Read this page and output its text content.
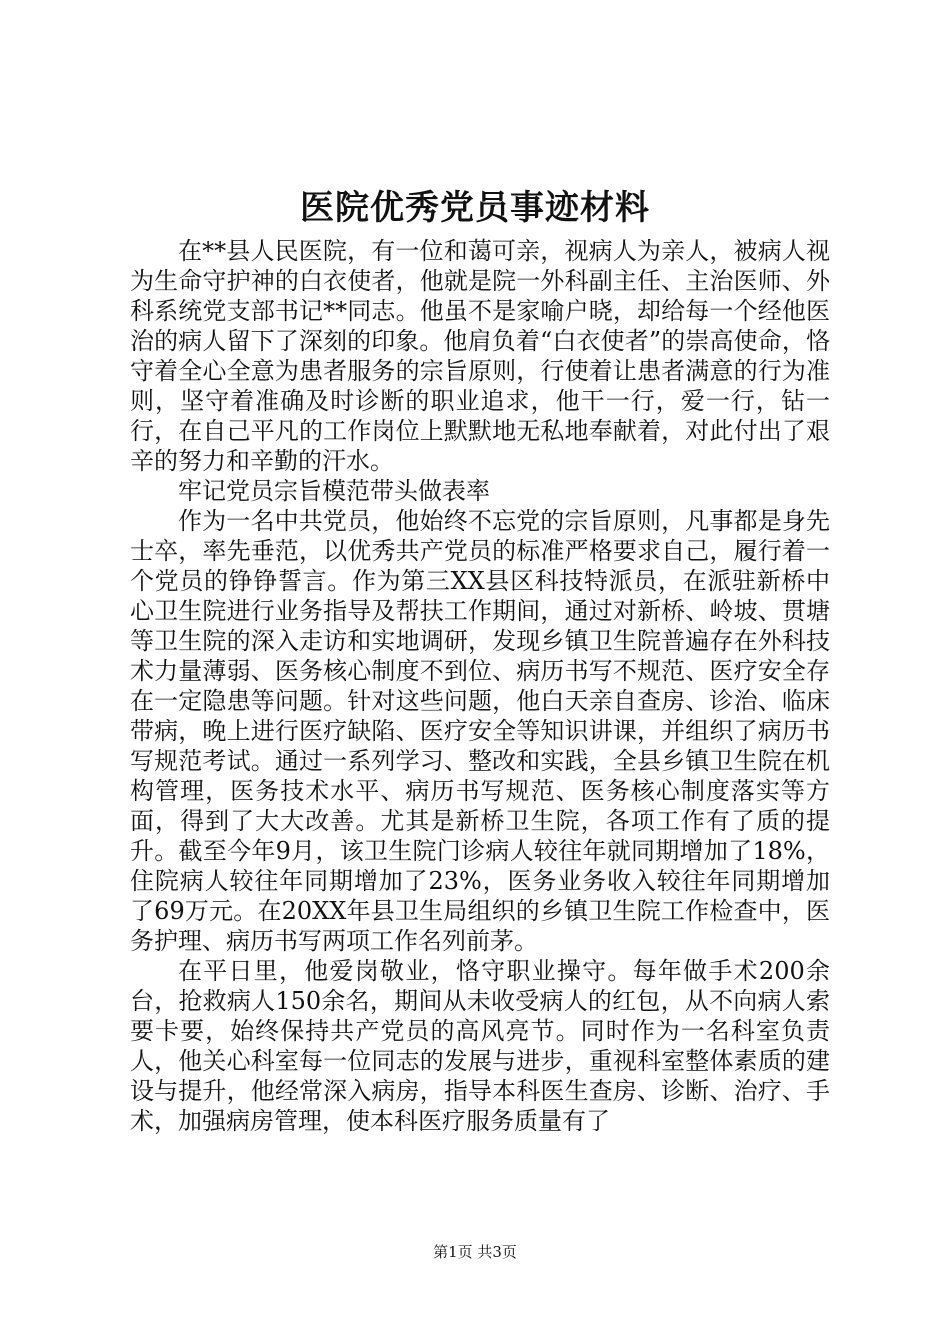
医院优秀党员事迹材料

在**县人民医院，有一位和蔼可亲，视病人为亲人，被病人视为生命守护神的白衣使者，他就是院一外科副主任、主治医师、外科系统党支部书记**同志。他虽不是家喻户晓，却给每一个经他医治的病人留下了深刻的印象。他肩负着“白衣使者”的崇高使命，恪守着全心全意为患者服务的宗旨原则，行使着让患者满意的行为准则，坚守着准确及时诊断的职业追求，他干一行，爱一行，钻一行，在自己平凡的工作岗位上默默地无私地奉献着，对此付出了艰辛的努力和辛勤的汗水。

牢记党员宗旨模范带头做表率

作为一名中共党员，他始终不忘党的宗旨原则，凡事都是身先士卒，率先垂范，以优秀共产党员的标准严格要求自己，履行着一个党员的铮铮誓言。作为第三XX县区科技特派员，在派驻新桥中心卫生院进行业务指导及帮扶工作期间，通过对新桥、岭坡、贯塘等卫生院的深入走访和实地调研，发现乡镇卫生院普遍存在外科技术力量薄弱、医务核心制度不到位、病历书写不规范、医疗安全存在一定隐患等问题。针对这些问题，他白天亲自查房、诊治、临床带病，晚上进行医疗缺陷、医疗安全等知识讲课，并组织了病历书写规范考试。通过一系列学习、整改和实践，全县乡镇卫生院在机构管理，医务技术水平、病历书写规范、医务核心制度落实等方面，得到了大大改善。尤其是新桥卫生院，各项工作有了质的提升。截至今年9月，该卫生院门诊病人较往年就同期增加了18%，住院病人较往年同期增加了23%，医务业务收入较往年同期增加了69万元。在20XX年县卫生局组织的乡镇卫生院工作检查中，医务护理、病历书写两项工作名列前茅。

在平日里，他爱岗敬业，恪守职业操守。每年做手术200余台，抢救病人150余名，期间从未收受病人的红包，从不向病人索要卡要，始终保持共产党员的高风亮节。同时作为一名科室负责人，他关心科室每一位同志的发展与进步，重视科室整体素质的建设与提升，他经常深入病房，指导本科医生查房、诊断、治疗、手术，加强病房管理，使本科医疗服务质量有了

第1页 共3页
